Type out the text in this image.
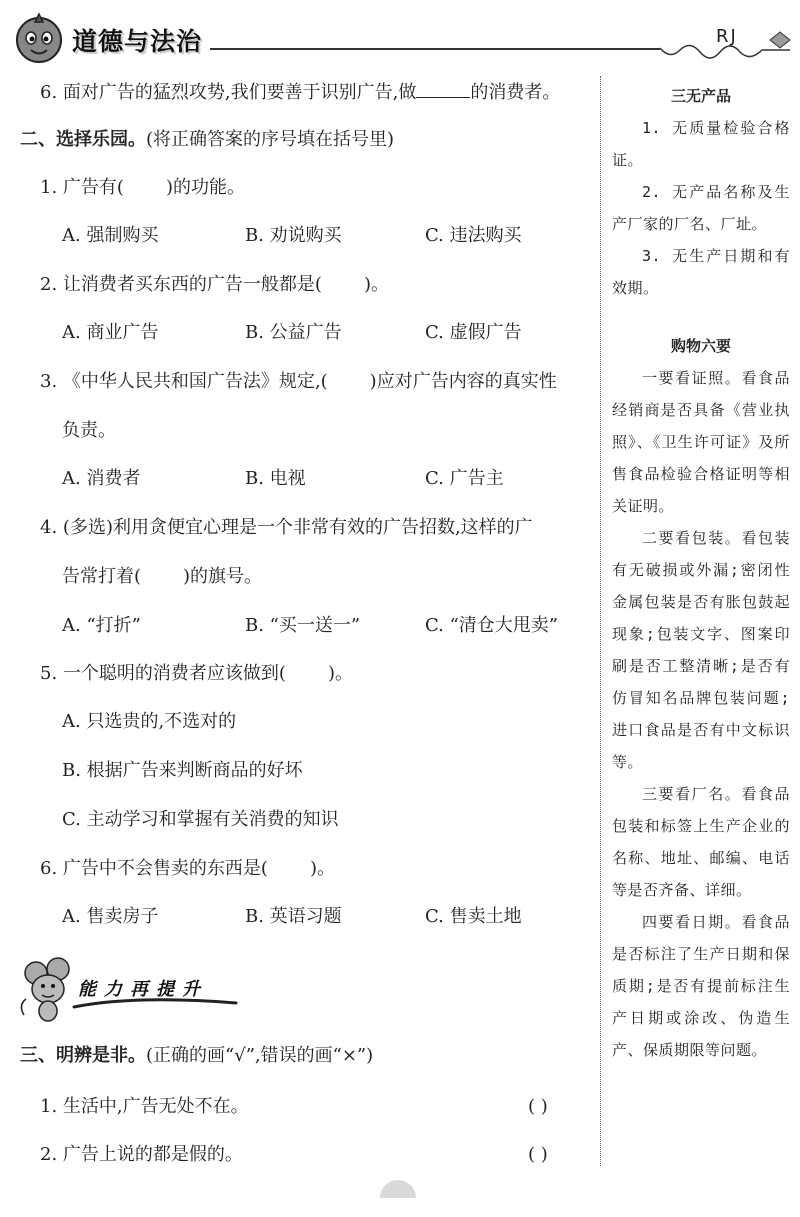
道德与法治	RJ
6. 面对广告的猛烈攻势,我们要善于识别广告,做	的消费者。
二、选择乐园。(将正确答案的序号填在括号里)
1. 广告有( )的功能。
A. 强制购买	B. 劝说购买	C. 违法购买
2. 让消费者买东西的广告一般都是( )。
A. 商业广告	B. 公益广告	C. 虚假广告
3. 《中华人民共和国广告法》规定,( )应对广告内容的真实性
负责。
A. 消费者	B. 电视	C. 广告主
4. (多选)利用贪便宜心理是一个非常有效的广告招数,这样的广
告常打着( )的旗号。
A. “打折”	B. “买一送一”	C. “清仓大甩卖”
5. 一个聪明的消费者应该做到( )。
A. 只选贵的,不选对的
B. 根据广告来判断商品的好坏
C. 主动学习和掌握有关消费的知识
6. 广告中不会售卖的东西是( )。
A. 售卖房子	B. 英语习题	C. 售卖土地
能力再提升
三、明辨是非。(正确的画“√”,错误的画“×”)
1. 生活中,广告无处不在。	( )
2. 广告上说的都是假的。	( )
三无产品

1. 无质量检验合格证。

2. 无产品名称及生产厂家的厂名、厂址。

3. 无生产日期和有效期。

购物六要

一要看证照。看食品经销商是否具备《营业执照》、《卫生许可证》及所售食品检验合格证明等相关证明。

二要看包装。看包装有无破损或外漏;密闭性金属包装是否有胀包鼓起现象;包装文字、图案印刷是否工整清晰;是否有仿冒知名品牌包装问题;进口食品是否有中文标识等。

三要看厂名。看食品包装和标签上生产企业的名称、地址、邮编、电话等是否齐备、详细。

四要看日期。看食品是否标注了生产日期和保质期;是否有提前标注生产日期或涂改、伪造生产、保质期限等问题。
